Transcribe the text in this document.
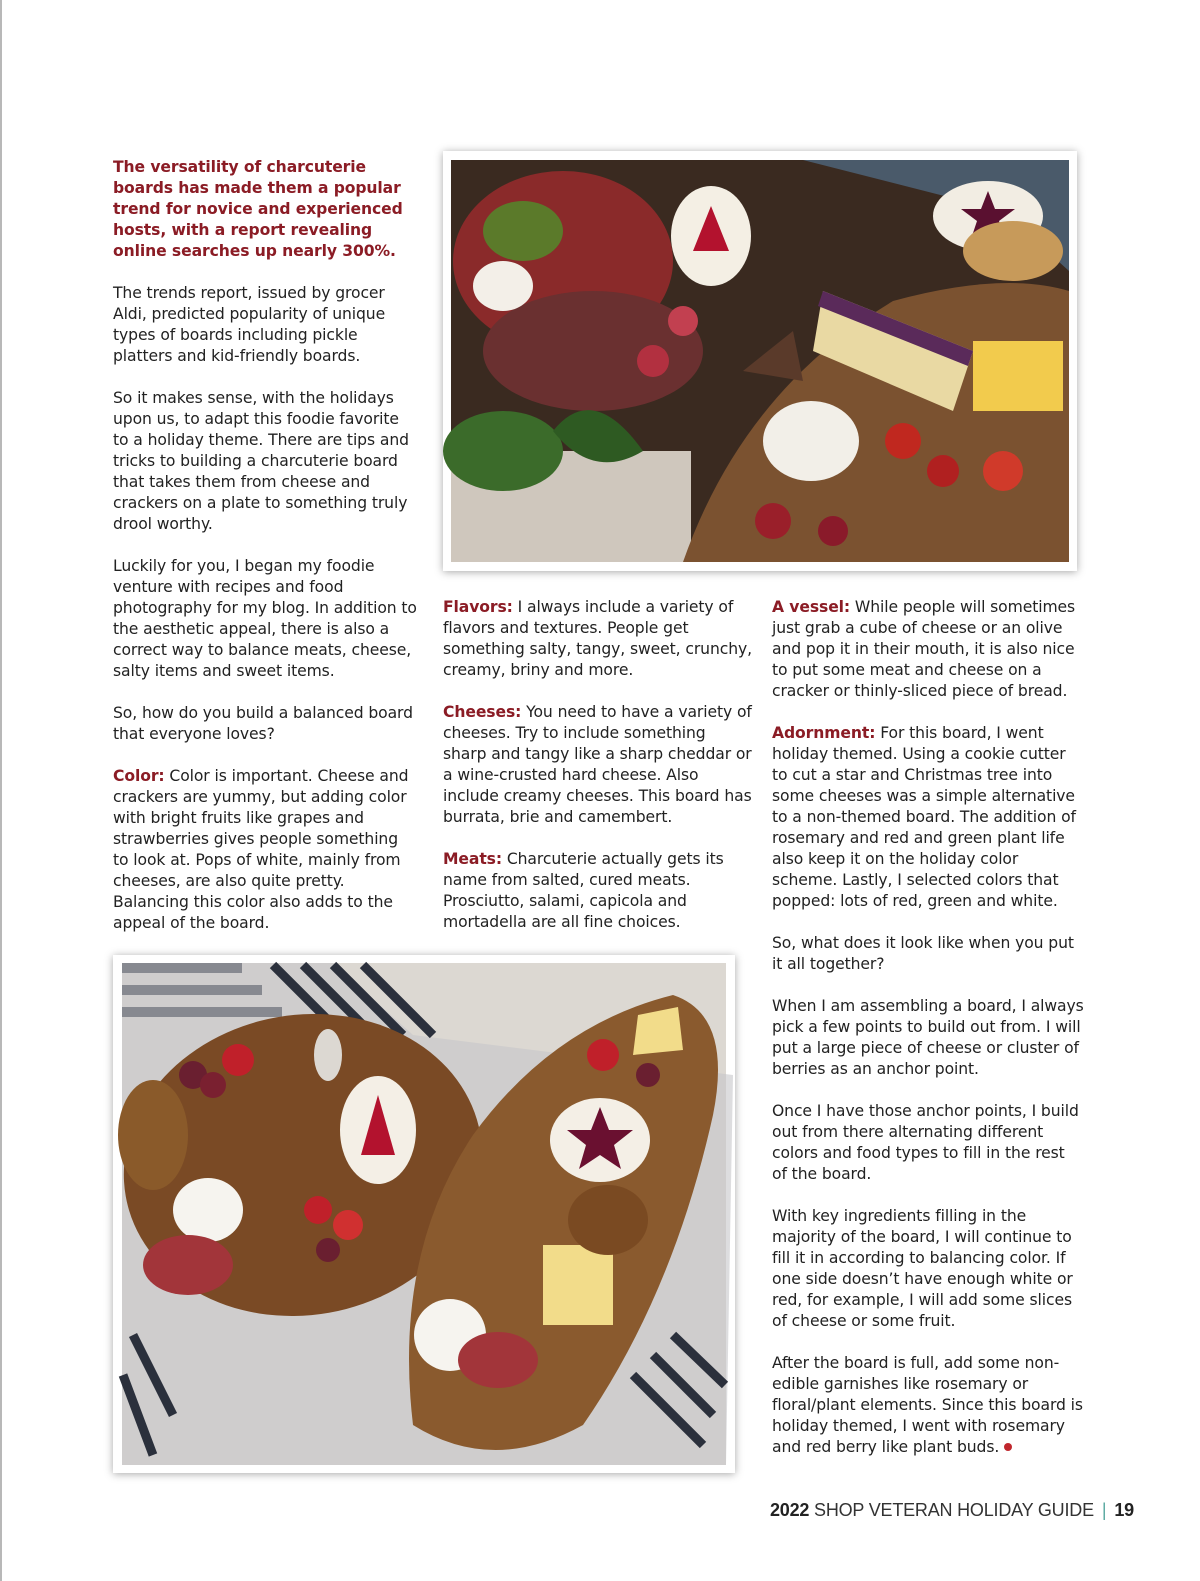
The versatility of charcuterie boards has made them a popular trend for novice and experienced hosts, with a report revealing online searches up nearly 300%.

The trends report, issued by grocer Aldi, predicted popularity of unique types of boards including pickle platters and kid-friendly boards.

So it makes sense, with the holidays upon us, to adapt this foodie favorite to a holiday theme. There are tips and tricks to building a charcuterie board that takes them from cheese and crackers on a plate to something truly drool worthy.

Luckily for you, I began my foodie venture with recipes and food photography for my blog. In addition to the aesthetic appeal, there is also a correct way to balance meats, cheese, salty items and sweet items.

So, how do you build a balanced board that everyone loves?

Color: Color is important. Cheese and crackers are yummy, but adding color with bright fruits like grapes and strawberries gives people something to look at. Pops of white, mainly from cheeses, are also quite pretty. Balancing this color also adds to the appeal of the board.

Flavors: I always include a variety of flavors and textures. People get something salty, tangy, sweet, crunchy, creamy, briny and more.

Cheeses: You need to have a variety of cheeses. Try to include something sharp and tangy like a sharp cheddar or a wine-crusted hard cheese. Also include creamy cheeses. This board has burrata, brie and camembert.

Meats: Charcuterie actually gets its name from salted, cured meats. Prosciutto, salami, capicola and mortadella are all fine choices.

A vessel: While people will sometimes just grab a cube of cheese or an olive and pop it in their mouth, it is also nice to put some meat and cheese on a cracker or thinly-sliced piece of bread.

Adornment: For this board, I went holiday themed. Using a cookie cutter to cut a star and Christmas tree into some cheeses was a simple alternative to a non-themed board. The addition of rosemary and red and green plant life also keep it on the holiday color scheme. Lastly, I selected colors that popped: lots of red, green and white.

So, what does it look like when you put it all together?

When I am assembling a board, I always pick a few points to build out from. I will put a large piece of cheese or cluster of berries as an anchor point.

Once I have those anchor points, I build out from there alternating different colors and food types to fill in the rest of the board.

With key ingredients filling in the majority of the board, I will continue to fill it in according to balancing color. If one side doesn’t have enough white or red, for example, I will add some slices of cheese or some fruit.

After the board is full, add some non-edible garnishes like rosemary or floral/plant elements. Since this board is holiday themed, I went with rosemary and red berry like plant buds.

2022 SHOP VETERAN HOLIDAY GUIDE | 19
